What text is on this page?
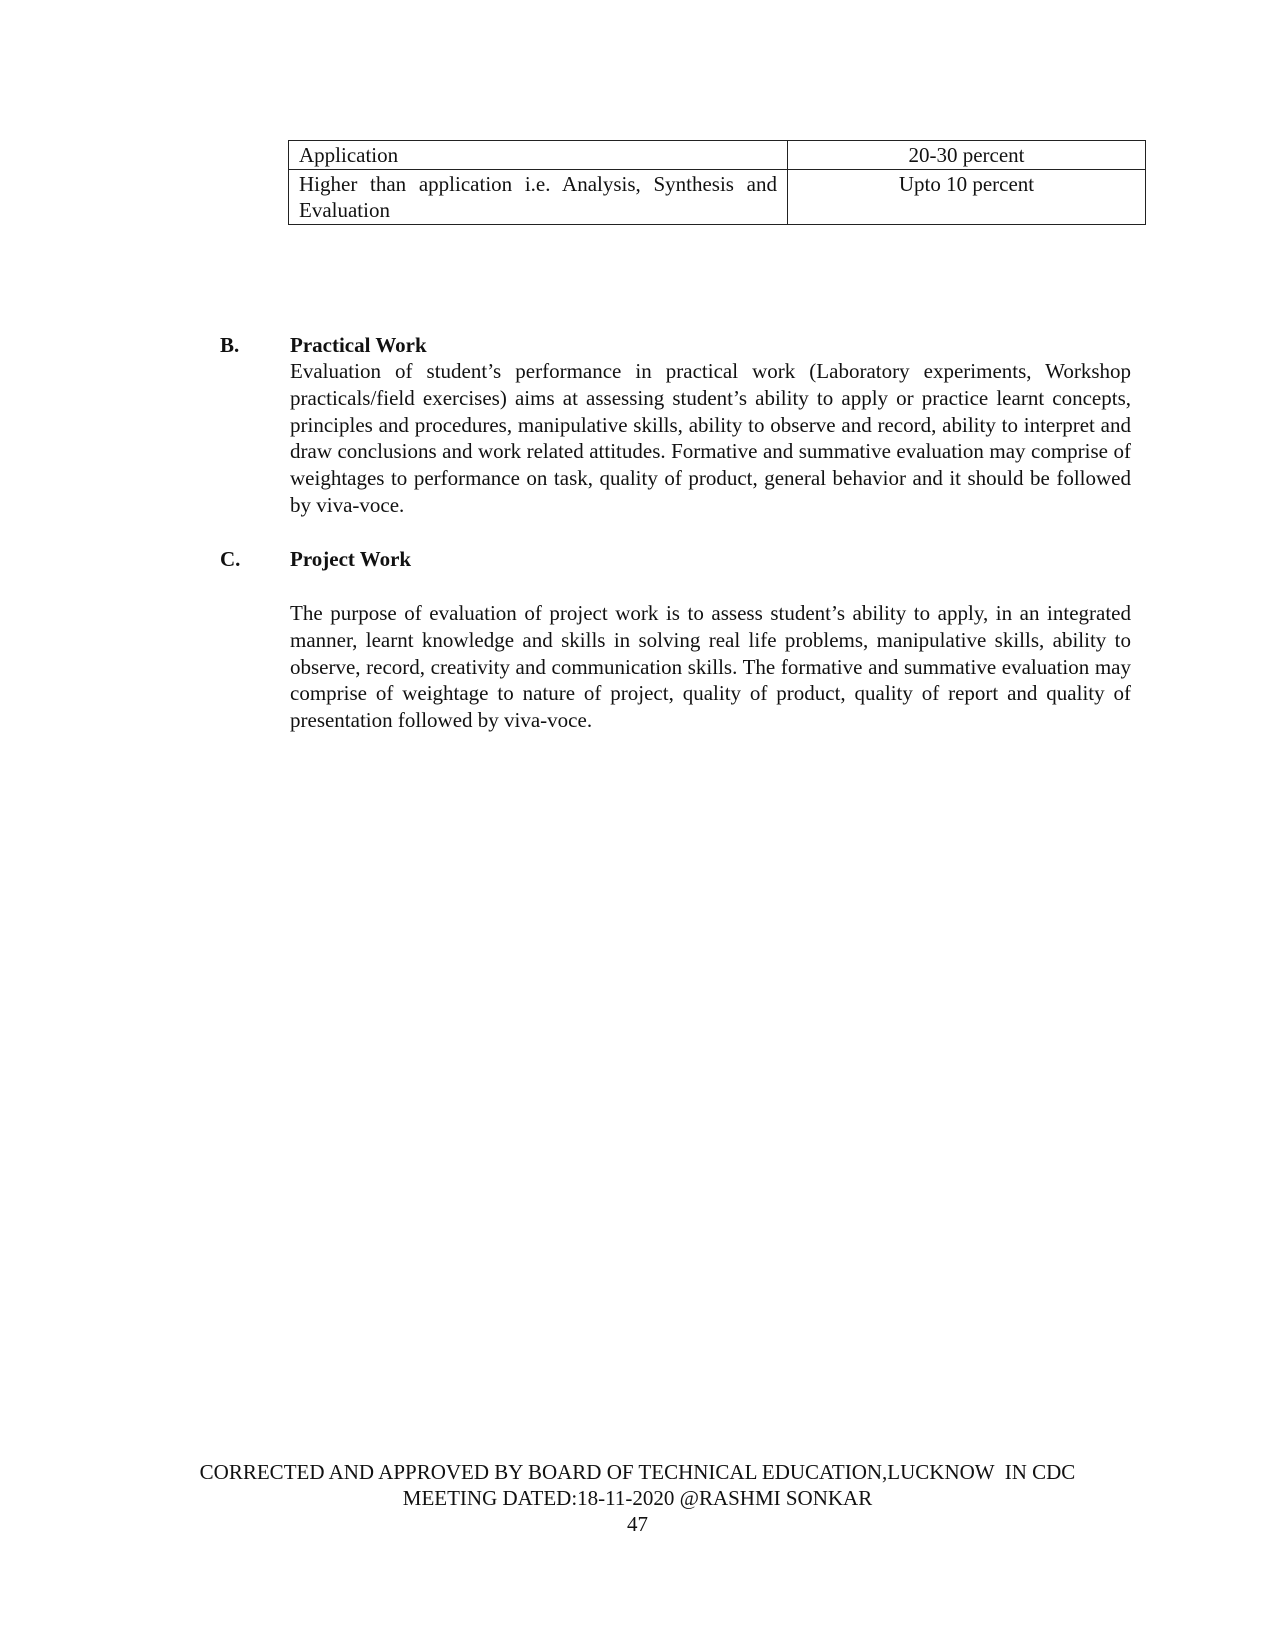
Application	20-30 percent
Higher than application i.e. Analysis, Synthesis and Evaluation	Upto 10 percent
B. Practical Work

Evaluation of student’s performance in practical work (Laboratory experiments, Workshop practicals/field exercises) aims at assessing student’s ability to apply or practice learnt concepts, principles and procedures, manipulative skills, ability to observe and record, ability to interpret and draw conclusions and work related attitudes. Formative and summative evaluation may comprise of weightages to performance on task, quality of product, general behavior and it should be followed by viva-voce.

C. Project Work

The purpose of evaluation of project work is to assess student’s ability to apply, in an integrated manner, learnt knowledge and skills in solving real life problems, manipulative skills, ability to observe, record, creativity and communication skills. The formative and summative evaluation may comprise of weightage to nature of project, quality of product, quality of report and quality of presentation followed by viva-voce.

CORRECTED AND APPROVED BY BOARD OF TECHNICAL EDUCATION,LUCKNOW  IN CDC
MEETING DATED:18-11-2020 @RASHMI SONKAR
47
